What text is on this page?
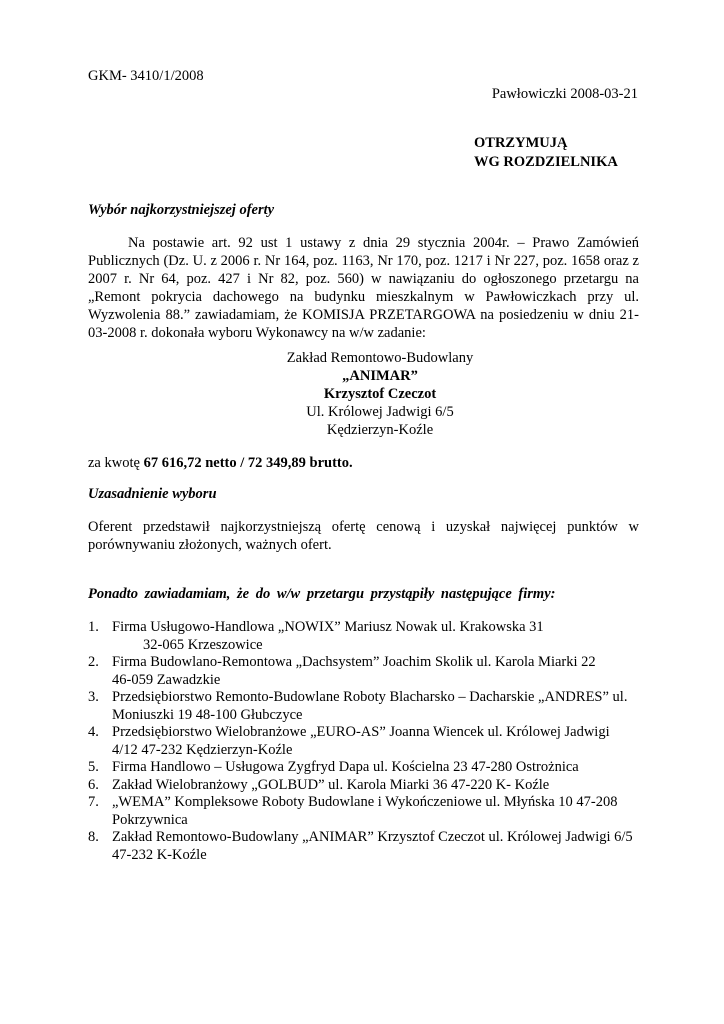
GKM- 3410/1/2008
Pawłowiczki 2008-03-21
OTRZYMUJĄ
WG ROZDZIELNIKA
Wybór najkorzystniejszej oferty
Na postawie art. 92 ust 1 ustawy z dnia 29 stycznia 2004r. – Prawo Zamówień Publicznych (Dz. U. z 2006 r. Nr 164, poz. 1163, Nr 170, poz. 1217 i Nr 227, poz. 1658 oraz z 2007 r. Nr 64, poz. 427 i Nr 82, poz. 560) w nawiązaniu do ogłoszonego przetargu na „Remont pokrycia dachowego na budynku mieszkalnym w Pawłowiczkach przy ul. Wyzwolenia 88.” zawiadamiam, że KOMISJA PRZETARGOWA na posiedzeniu w dniu 21-03-2008 r. dokonała wyboru Wykonawcy na w/w zadanie:
Zakład Remontowo-Budowlany
„ANIMAR”
Krzysztof Czeczot
Ul. Królowej Jadwigi 6/5
Kędzierzyn-Koźle
za kwotę 67 616,72 netto / 72 349,89 brutto.
Uzasadnienie wyboru
Oferent przedstawił najkorzystniejszą ofertę cenową i uzyskał najwięcej punktów w porównywaniu złożonych, ważnych ofert.
Ponadto zawiadamiam, że do w/w przetargu przystąpiły następujące firmy:
1. Firma Usługowo-Handlowa „NOWIX” Mariusz Nowak ul. Krakowska 31
32-065 Krzeszowice
2. Firma Budowlano-Remontowa „Dachsystem” Joachim Skolik ul. Karola Miarki 22
46-059 Zawadzkie
3. Przedsiębiorstwo Remonto-Budowlane Roboty Blacharsko – Dacharskie „ANDRES” ul.
Moniuszki 19 48-100 Głubczyce
4. Przedsiębiorstwo Wielobranżowe „EURO-AS” Joanna Wiencek ul. Królowej Jadwigi
4/12 47-232 Kędzierzyn-Koźle
5. Firma Handlowo – Usługowa Zygfryd Dapa ul. Kościelna 23 47-280 Ostrożnica
6. Zakład Wielobranżowy „GOLBUD” ul. Karola Miarki 36 47-220 K- Koźle
7. „WEMA” Kompleksowe Roboty Budowlane i Wykończeniowe ul. Młyńska 10 47-208
Pokrzywnica
8. Zakład Remontowo-Budowlany „ANIMAR” Krzysztof Czeczot ul. Królowej Jadwigi 6/5
47-232 K-Koźle
